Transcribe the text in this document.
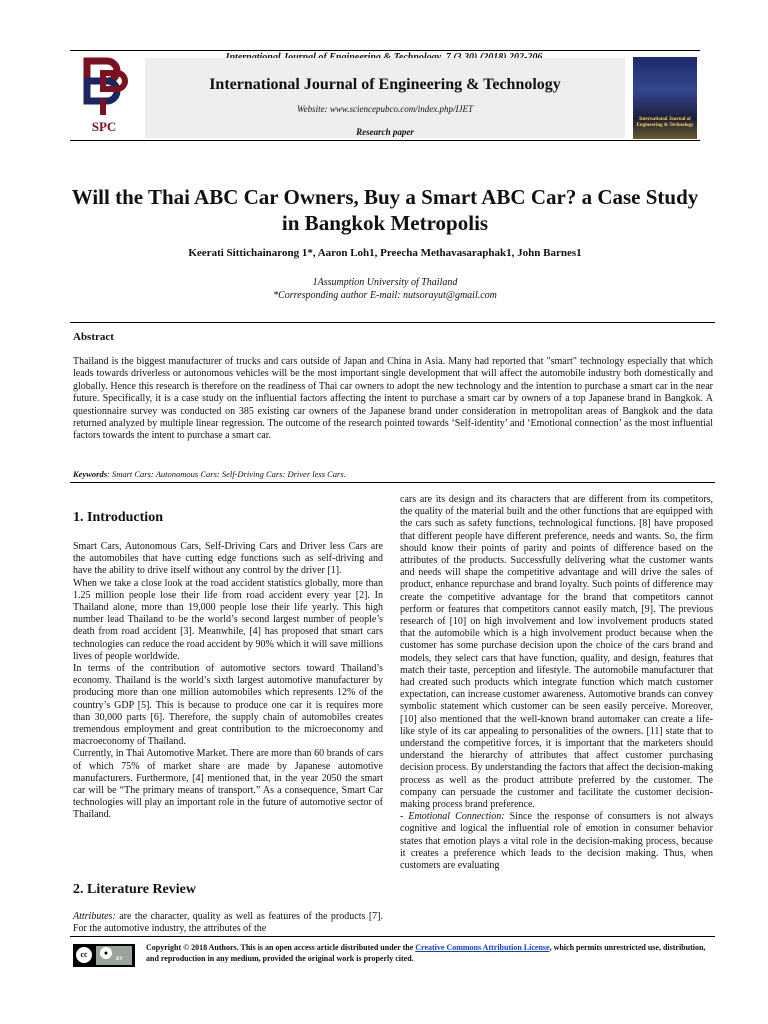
International Journal of Engineering & Technology
Website: www.sciencepubco.com/index.php/IJET
Research paper
SPC	International Journal of Engineering & Technology
Will the Thai ABC Car Owners, Buy a Smart ABC Car? a Case Study in Bangkok Metropolis
Keerati Sittichainarong 1*, Aaron Loh1, Preecha Methavasaraphak1, John Barnes1
1Assumption University of Thailand
*Corresponding author E-mail: nutsorayut@gmail.com
Abstract
Thailand is the biggest manufacturer of trucks and cars outside of Japan and China in Asia. Many had reported that "smart" technology especially that which leads towards driverless or autonomous vehicles will be the most important single development that will affect the automobile industry both domestically and globally. Hence this research is therefore on the readiness of Thai car owners to adopt the new technology and the intention to purchase a smart car in the near future. Specifically, it is a case study on the influential factors affecting the intent to purchase a smart car by owners of a top Japanese brand in Bangkok. A questionnaire survey was conducted on 385 existing car owners of the Japanese brand under consideration in metropolitan areas of Bangkok and the data returned analyzed by multiple linear regression. The outcome of the research pointed towards ‘Self-identity’ and ‘Emotional connection’ as the most influential factors towards the intent to purchase a smart car.
Keywords: Smart Cars: Autonomous Cars: Self-Driving Cars: Driver less Cars.
1. Introduction

Smart Cars, Autonomous Cars, Self-Driving Cars and Driver less Cars are the automobiles that have cutting edge functions such as self-driving and have the ability to drive itself without any control by the driver [1].

When we take a close look at the road accident statistics globally, more than 1.25 million people lose their life from road accident every year [2]. In Thailand alone, more than 19,000 people lose their life yearly. This high number lead Thailand to be the world’s second largest number of people’s death from road accident [3]. Meanwhile, [4] has proposed that smart cars technologies can reduce the road accident by 90% which it will save millions lives of people worldwide.

In terms of the contribution of automotive sectors toward Thailand’s economy. Thailand is the world’s sixth largest automotive manufacturer by producing more than one million automobiles which represents 12% of the country’s GDP [5]. This is because to produce one car it is requires more than 30,000 parts [6]. Therefore, the supply chain of automobiles creates tremendous employment and great contribution to the microeconomy and macroeconomy of Thailand.

Currently, in Thai Automotive Market. There are more than 60 brands of cars of which 75% of market share are made by Japanese automotive manufacturers. Furthermore, [4] mentioned that, in the year 2050 the smart car will be “The primary means of transport.” As a consequence, Smart Car technologies will play an important role in the future of automotive sector of Thailand.

2. Literature Review

Attributes: are the character, quality as well as features of the products [7]. For the automotive industry, the attributes of the

cars are its design and its characters that are different from its competitors, the quality of the material built and the other functions that are equipped with the cars such as safety functions, technological functions. [8] have proposed that different people have different preference, needs and wants. So, the firm should know their points of parity and points of difference based on the attributes of the products. Successfully delivering what the customer wants and needs will shape the competitive advantage and will drive the sales of product, enhance repurchase and brand loyalty. Such points of difference may create the competitive advantage for the brand that competitors cannot perform or features that competitors cannot easily match, [9]. The previous research of [10] on high involvement and low involvement products stated that the automobile which is a high involvement product because when the customer has some purchase decision upon the choice of the cars brand and models, they select cars that have function, quality, and design, features that match their taste, perception and lifestyle. The automobile manufacturer that had created such products which integrate function which match customer expectation, can increase customer awareness. Automotive brands can convey symbolic statement which customer can be seen easily perceive. Moreover, [10] also mentioned that the well-known brand automaker can create a life-like style of its car appealing to personalities of the owners. [11] state that to understand the competitive forces, it is important that the marketers should understand the hierarchy of attributes that affect customer purchasing decision process. By understanding the factors that affect the decision-making process as well as the product attribute preferred by the customer. The company can persuade the customer and facilitate the customer decision-making process brand preference.

- Emotional Connection: Since the response of consumers is not always cognitive and logical the influential role of emotion in consumer behavior states that emotion plays a vital role in the decision-making process, because it creates a preference which leads to the decision making. Thus, when customers are evaluating

cc	●
BY
Copyright © 2018 Authors. This is an open access article distributed under the Creative Commons Attribution License, which permits unrestricted use, distribution, and reproduction in any medium, provided the original work is properly cited.
